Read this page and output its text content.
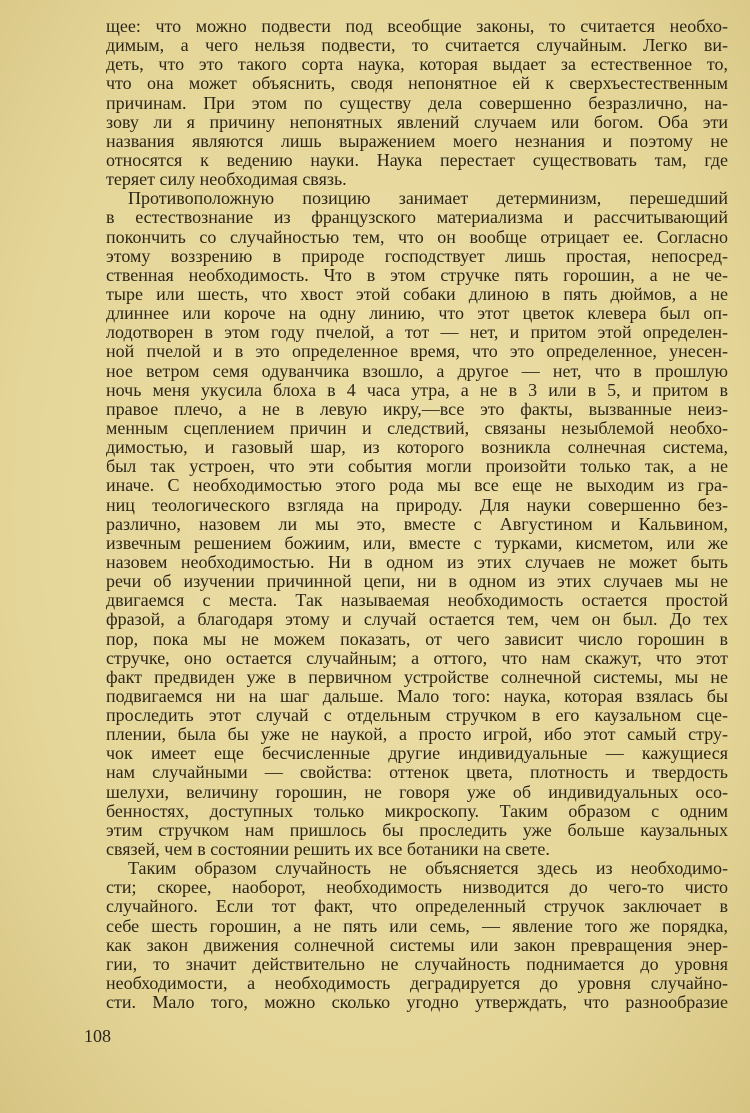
щее: что можно подвести под всеобщие законы, то считается необхо-
димым, а чего нельзя подвести, то считается случайным. Легко ви-
деть, что это такого сорта наука, которая выдает за естественное то,
что она может объяснить, сводя непонятное ей к сверхъестественным
причинам. При этом по существу дела совершенно безразлично, на-
зову ли я причину непонятных явлений случаем или богом. Оба эти
названия являются лишь выражением моего незнания и поэтому не
относятся к ведению науки. Наука перестает существовать там, где
теряет силу необходимая связь.
Противоположную позицию занимает детерминизм, перешедший
в естествознание из французского материализма и рассчитывающий
покончить со случайностью тем, что он вообще отрицает ее. Согласно
этому воззрению в природе господствует лишь простая, непосред-
ственная необходимость. Что в этом стручке пять горошин, а не че-
тыре или шесть, что хвост этой собаки длиною в пять дюймов, а не
длиннее или короче на одну линию, что этот цветок клевера был оп-
лодотворен в этом году пчелой, а тот — нет, и притом этой определен-
ной пчелой и в это определенное время, что это определенное, унесен-
ное ветром семя одуванчика взошло, а другое — нет, что в прошлую
ночь меня укусила блоха в 4 часа утра, а не в 3 или в 5, и притом в
правое плечо, а не в левую икру,—все это факты, вызванные неиз-
менным сцеплением причин и следствий, связаны незыблемой необхо-
димостью, и газовый шар, из которого возникла солнечная система,
был так устроен, что эти события могли произойти только так, а не
иначе. С необходимостью этого рода мы все еще не выходим из гра-
ниц теологического взгляда на природу. Для науки совершенно без-
различно, назовем ли мы это, вместе с Августином и Кальвином,
извечным решением божиим, или, вместе с турками, кисметом, или же
назовем необходимостью. Ни в одном из этих случаев не может быть
речи об изучении причинной цепи, ни в одном из этих случаев мы не
двигаемся с места. Так называемая необходимость остается простой
фразой, а благодаря этому и случай остается тем, чем он был. До тех
пор, пока мы не можем показать, от чего зависит число горошин в
стручке, оно остается случайным; а оттого, что нам скажут, что этот
факт предвиден уже в первичном устройстве солнечной системы, мы не
подвигаемся ни на шаг дальше. Мало того: наука, которая взялась бы
проследить этот случай с отдельным стручком в его каузальном сце-
плении, была бы уже не наукой, а просто игрой, ибо этот самый стру-
чок имеет еще бесчисленные другие индивидуальные — кажущиеся
нам случайными — свойства: оттенок цвета, плотность и твердость
шелухи, величину горошин, не говоря уже об индивидуальных осо-
бенностях, доступных только микроскопу. Таким образом с одним
этим стручком нам пришлось бы проследить уже больше каузальных
связей, чем в состоянии решить их все ботаники на свете.
Таким образом случайность не объясняется здесь из необходимо-
сти; скорее, наоборот, необходимость низводится до чего-то чисто
случайного. Если тот факт, что определенный стручок заключает в
себе шесть горошин, а не пять или семь, — явление того же порядка,
как закон движения солнечной системы или закон превращения энер-
гии, то значит действительно не случайность поднимается до уровня
необходимости, а необходимость деградируется до уровня случайно-
сти. Мало того, можно сколько угодно утверждать, что разнообразие
108
